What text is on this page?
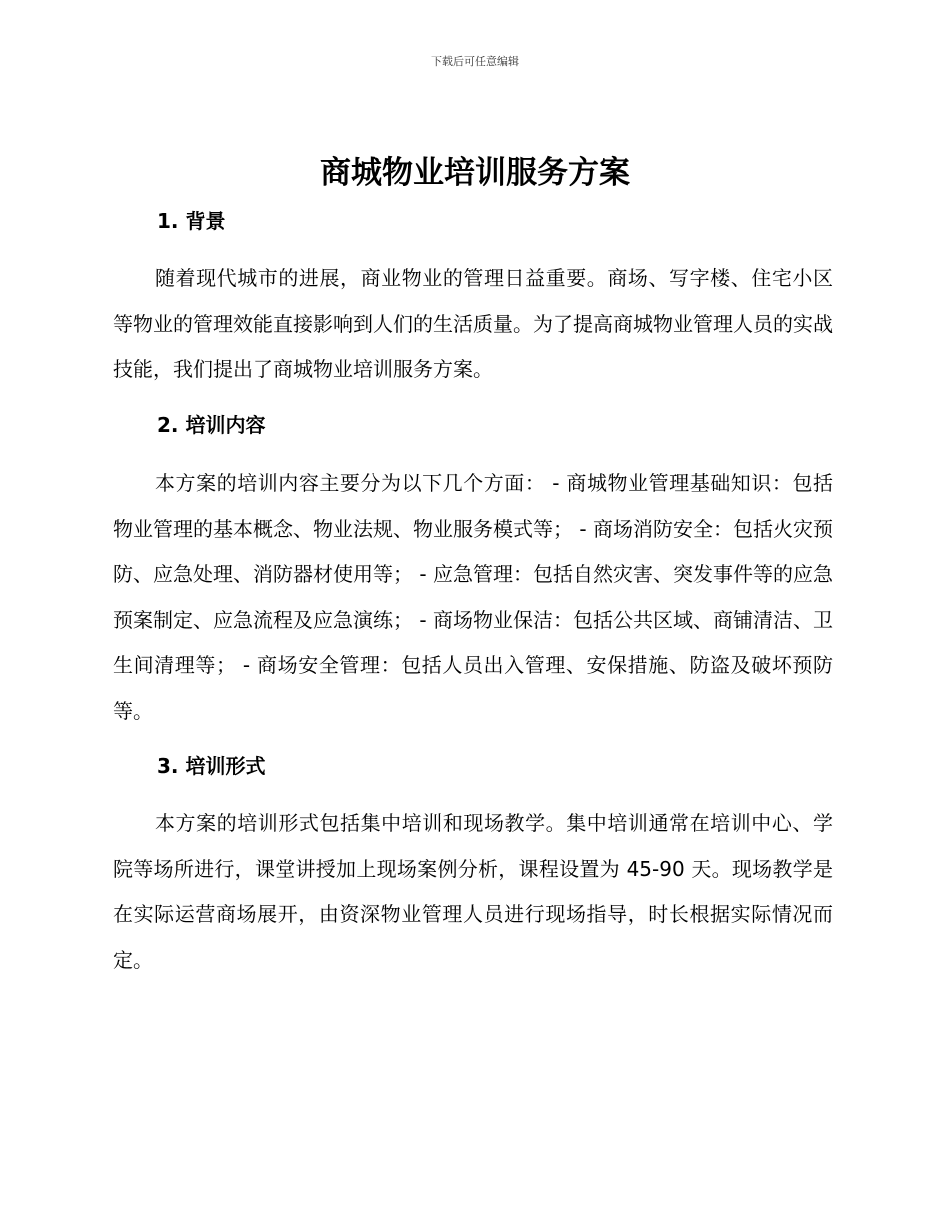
下载后可任意编辑
商城物业培训服务方案
1. 背景

随着现代城市的进展，商业物业的管理日益重要。商场、写字楼、住宅小区等物业的管理效能直接影响到人们的生活质量。为了提高商城物业管理人员的实战技能，我们提出了商城物业培训服务方案。

2. 培训内容

本方案的培训内容主要分为以下几个方面： - 商城物业管理基础知识：包括物业管理的基本概念、物业法规、物业服务模式等； - 商场消防安全：包括火灾预防、应急处理、消防器材使用等； - 应急管理：包括自然灾害、突发事件等的应急预案制定、应急流程及应急演练； - 商场物业保洁：包括公共区域、商铺清洁、卫生间清理等； - 商场安全管理：包括人员出入管理、安保措施、防盗及破坏预防等。

3. 培训形式

本方案的培训形式包括集中培训和现场教学。集中培训通常在培训中心、学院等场所进行，课堂讲授加上现场案例分析，课程设置为 45-90 天。现场教学是在实际运营商场展开，由资深物业管理人员进行现场指导，时长根据实际情况而定。
